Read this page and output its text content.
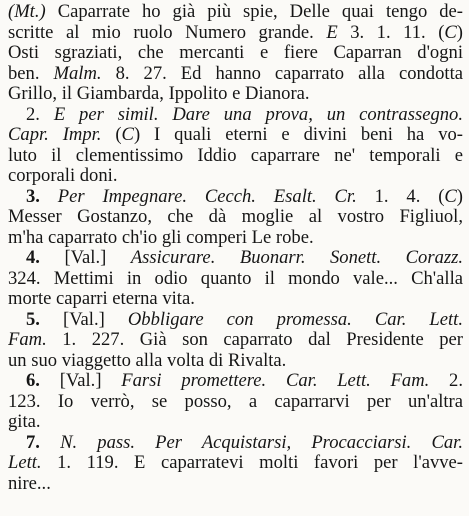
(Mt.) Caparrate ho già più spie, Delle quai tengo de-
scritte al mio ruolo Numero grande. E 3. 1. 11. (C)
Osti sgraziati, che mercanti e fiere Caparran d'ogni
ben. Malm. 8. 27. Ed hanno caparrato alla condotta
Grillo, il Giambarda, Ippolito e Dianora.
2. E per simil. Dare una prova, un contrassegno.
Capr. Impr. (C) I quali eterni e divini beni ha vo-
luto il clementissimo Iddio caparrare ne' temporali e
corporali doni.
3. Per Impegnare. Cecch. Esalt. Cr. 1. 4. (C)
Messer Gostanzo, che dà moglie al vostro Figliuol,
m'ha caparrato ch'io gli comperi Le robe.
4. [Val.] Assicurare. Buonarr. Sonett. Corazz.
324. Mettimi in odio quanto il mondo vale... Ch'alla
morte caparri eterna vita.
5. [Val.] Obbligare con promessa. Car. Lett.
Fam. 1. 227. Già son caparrato dal Presidente per
un suo viaggetto alla volta di Rivalta.
6. [Val.] Farsi promettere. Car. Lett. Fam. 2.
123. Io verrò, se posso, a caparrarvi per un'altra
gita.
7. N. pass. Per Acquistarsi, Procacciarsi. Car.
Lett. 1. 119. E caparratevi molti favori per l'avve-
nire...
